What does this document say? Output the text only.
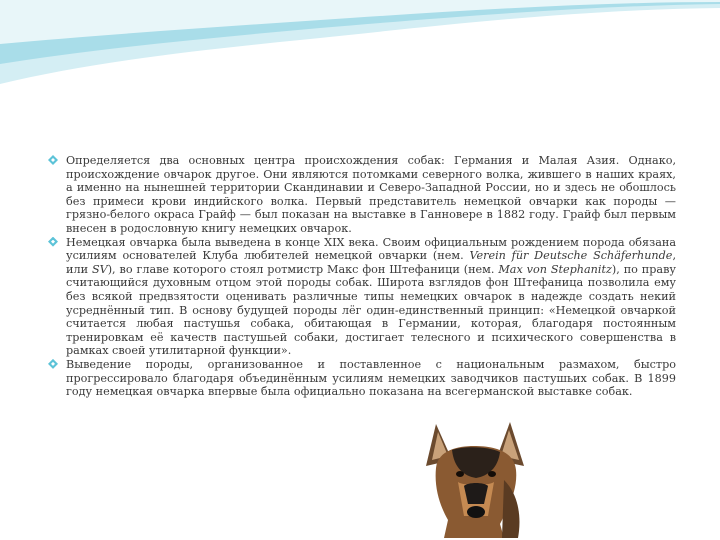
Определяется два основных центра происхождения собак: Германия и Малая Азия. Однако, происхождение овчарок другое. Они являются потомками северного волка, жившего в наших краях, а именно на нынешней территории Скандинавии и Северо-Западной России, но и здесь не обошлось без примеси крови индийского волка. Первый представитель немецкой овчарки как породы — грязно-белого окраса Грайф — был показан на выставке в Ганновере в 1882 году. Грайф был первым внесен в родословную книгу немецких овчарок.
Немецкая овчарка была выведена в конце XIX века. Своим официальным рождением порода обязана усилиям основателей Клуба любителей немецкой овчарки (нем. Verein für Deutsche Schäferhunde, или SV), во главе которого стоял ротмистр Макс фон Штефаници (нем. Max von Stephanitz), по праву считающийся духовным отцом этой породы собак. Широта взглядов фон Штефаница позволила ему без всякой предвзятости оценивать различные типы немецких овчарок в надежде создать некий усреднённый тип. В основу будущей породы лёг один-единственный принцип: «Немецкой овчаркой считается любая пастушья собака, обитающая в Германии, которая, благодаря постоянным тренировкам её качеств пастушьей собаки, достигает телесного и психического совершенства в рамках своей утилитарной функции».
Выведение породы, организованное и поставленное с национальным размахом, быстро прогрессировало благодаря объединённым усилиям немецких заводчиков пастушьих собак. В 1899 году немецкая овчарка впервые была официально показана на всегерманской выставке собак.
